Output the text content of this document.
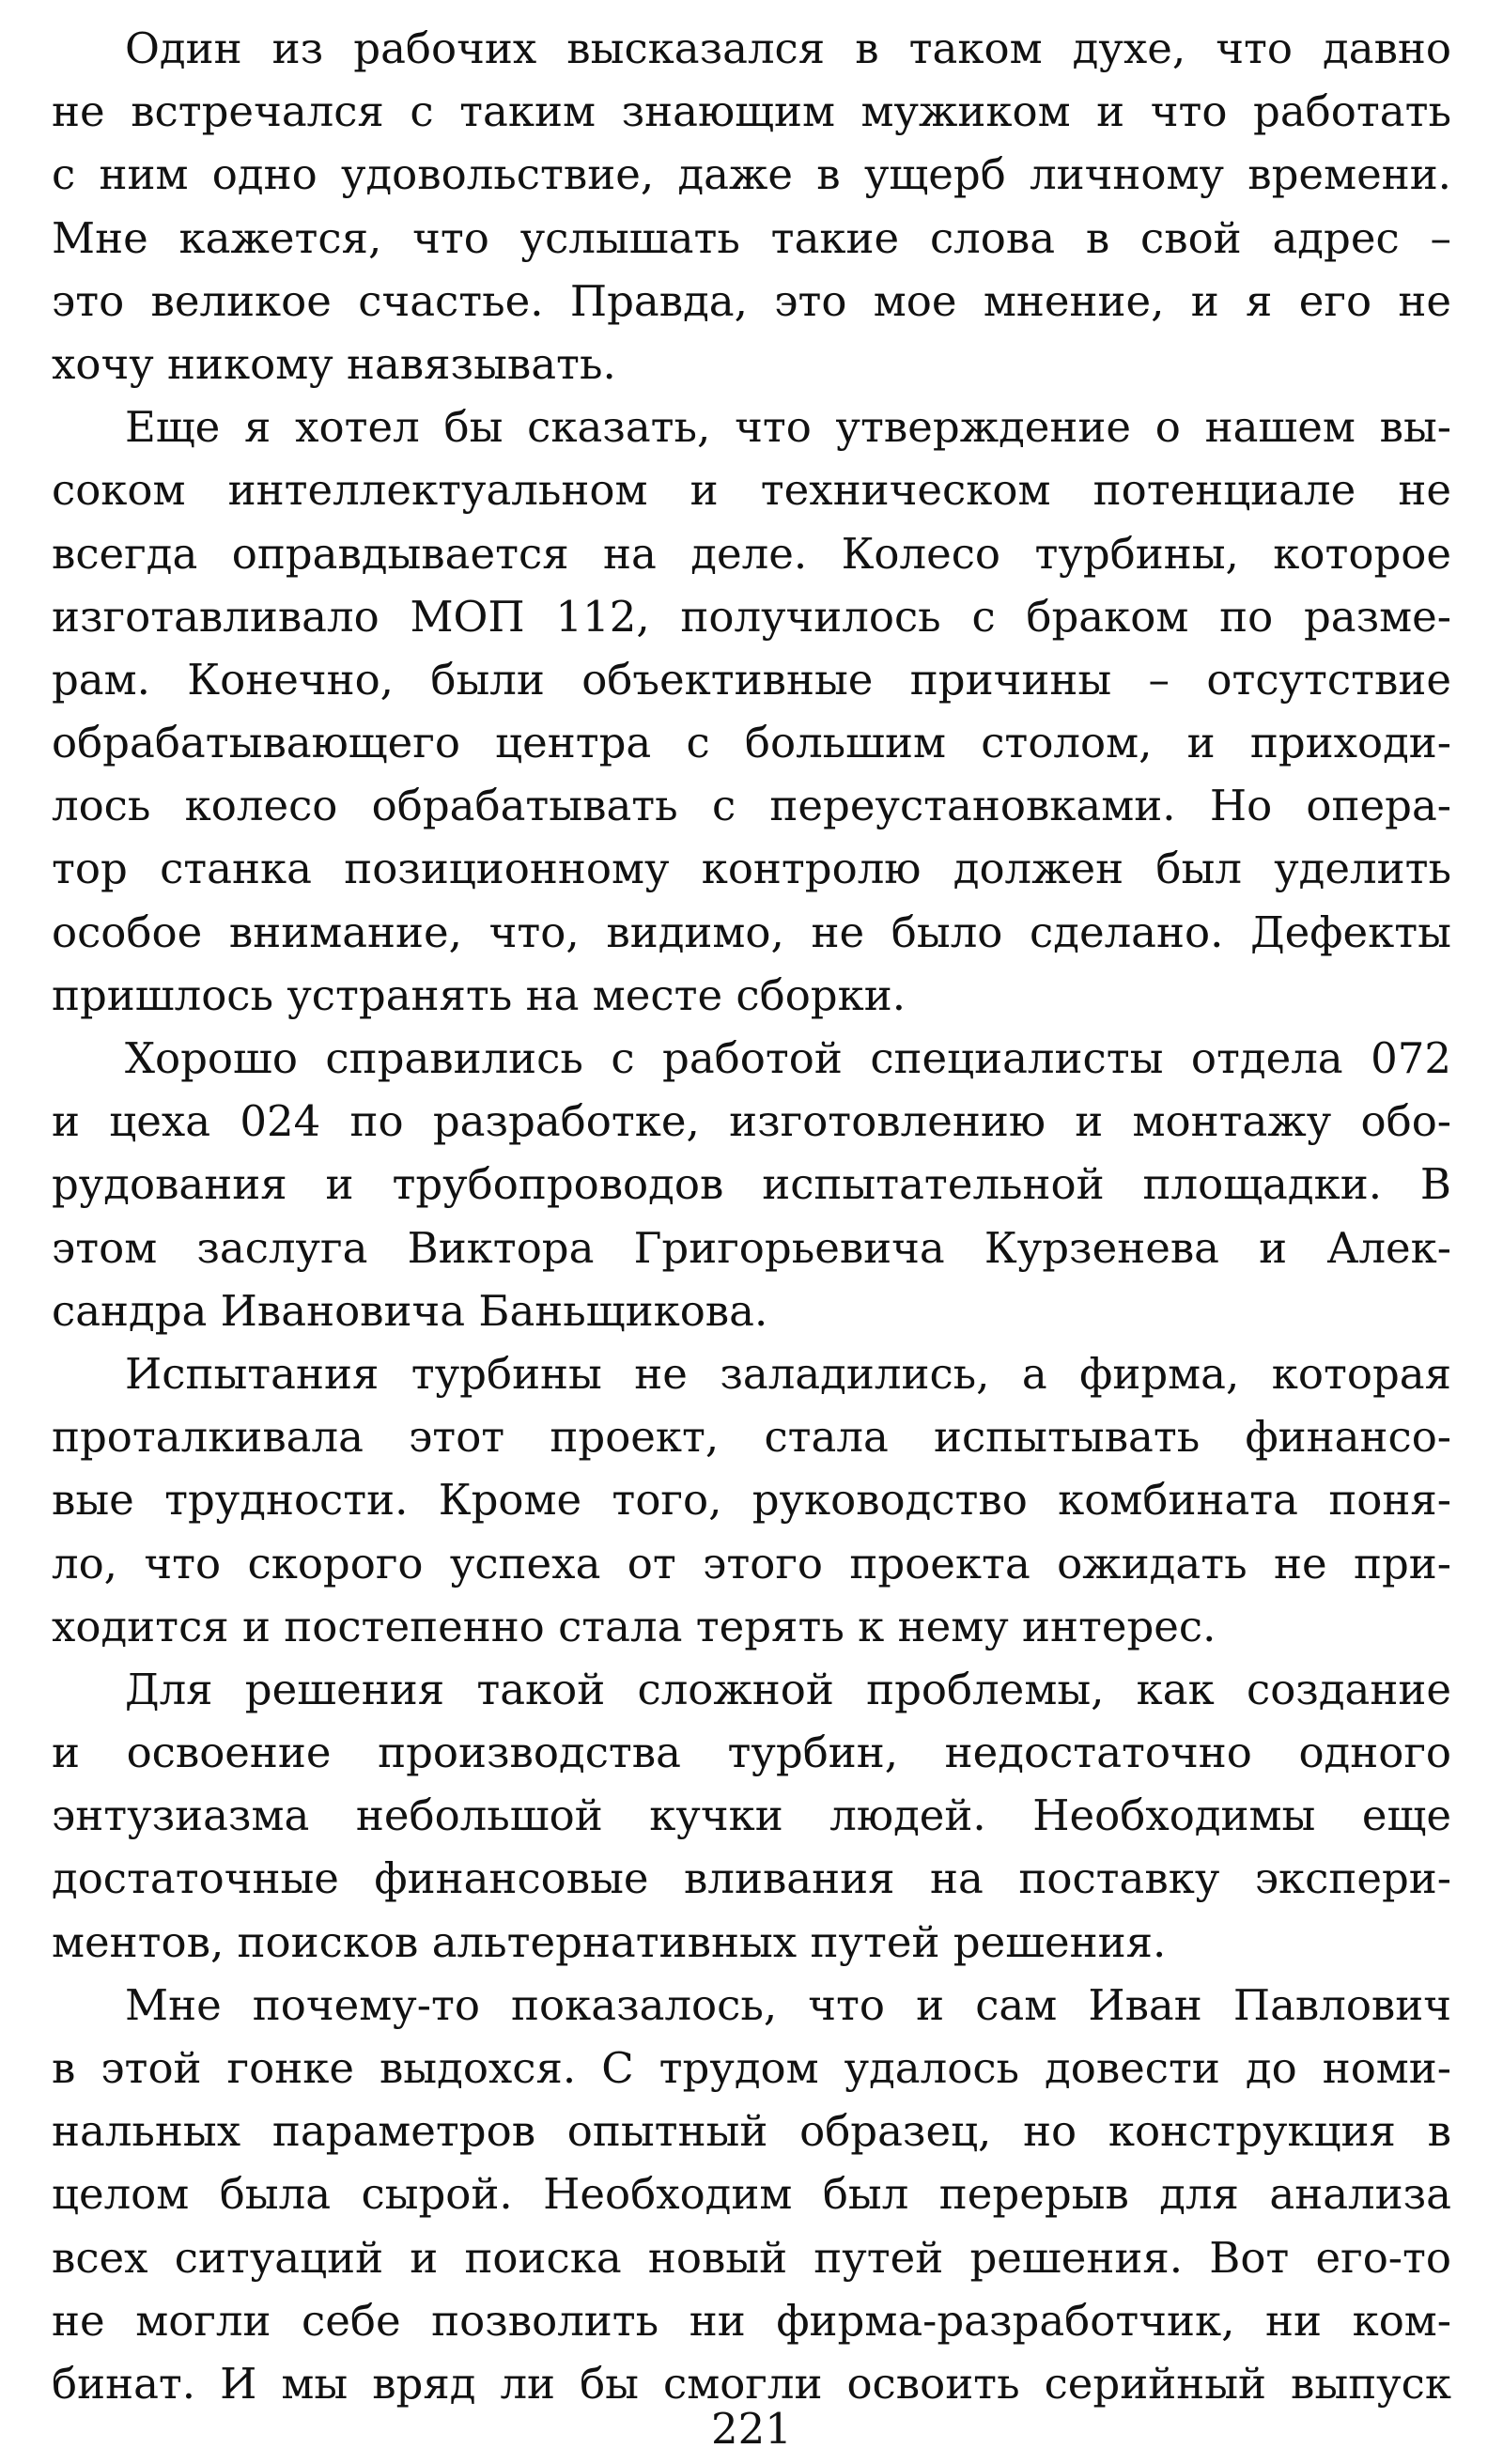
Один из рабочих высказался в таком духе, что давно
не встречался с таким знающим мужиком и что работать
с ним одно удовольствие, даже в ущерб личному времени.
Мне кажется, что услышать такие слова в свой адрес –
это великое счастье. Правда, это мое мнение, и я его не
хочу никому навязывать.
Еще я хотел бы сказать, что утверждение о нашем вы-
соком интеллектуальном и техническом потенциале не
всегда оправдывается на деле. Колесо турбины, которое
изготавливало МОП 112, получилось с браком по разме-
рам. Конечно, были объективные причины – отсутствие
обрабатывающего центра с большим столом, и приходи-
лось колесо обрабатывать с переустановками. Но опера-
тор станка позиционному контролю должен был уделить
особое внимание, что, видимо, не было сделано. Дефекты
пришлось устранять на месте сборки.
Хорошо справились с работой специалисты отдела 072
и цеха 024 по разработке, изготовлению и монтажу обо-
рудования и трубопроводов испытательной площадки. В
этом заслуга Виктора Григорьевича Курзенева и Алек-
сандра Ивановича Баньщикова.
Испытания турбины не заладились, а фирма, которая
проталкивала этот проект, стала испытывать финансо-
вые трудности. Кроме того, руководство комбината поня-
ло, что скорого успеха от этого проекта ожидать не при-
ходится и постепенно стала терять к нему интерес.
Для решения такой сложной проблемы, как создание
и освоение производства турбин, недостаточно одного
энтузиазма небольшой кучки людей. Необходимы еще
достаточные финансовые вливания на поставку экспери-
ментов, поисков альтернативных путей решения.
Мне почему-то показалось, что и сам Иван Павлович
в этой гонке выдохся. С трудом удалось довести до номи-
нальных параметров опытный образец, но конструкция в
целом была сырой. Необходим был перерыв для анализа
всех ситуаций и поиска новый путей решения. Вот его-то
не могли себе позволить ни фирма-разработчик, ни ком-
бинат. И мы вряд ли бы смогли освоить серийный выпуск
221
